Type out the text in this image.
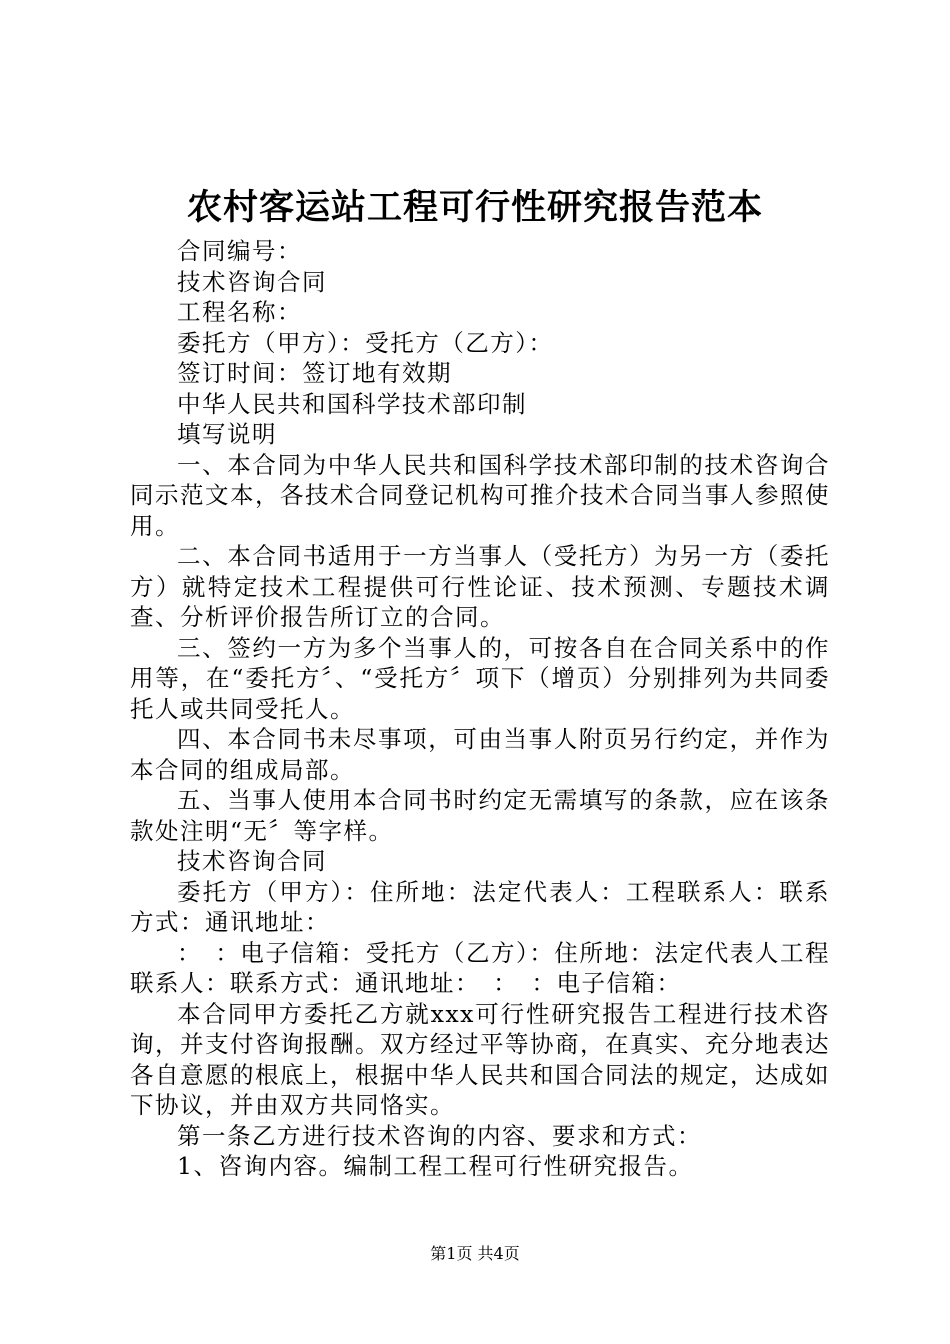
农村客运站工程可行性研究报告范本

合同编号：

技术咨询合同

工程名称：

委托方（甲方）：受托方（乙方）：

签订时间：签订地有效期

中华人民共和国科学技术部印制

填写说明

一、本合同为中华人民共和国科学技术部印制的技术咨询合同示范文本，各技术合同登记机构可推介技术合同当事人参照使用。

二、本合同书适用于一方当事人（受托方）为另一方（委托方）就特定技术工程提供可行性论证、技术预测、专题技术调查、分析评价报告所订立的合同。

三、签约一方为多个当事人的，可按各自在合同关系中的作用等，在“委托方〞、“受托方〞项下（增页）分别排列为共同委托人或共同受托人。

四、本合同书未尽事项，可由当事人附页另行约定，并作为本合同的组成局部。

五、当事人使用本合同书时约定无需填写的条款，应在该条款处注明“无〞等字样。

技术咨询合同

委托方（甲方）：住所地：法定代表人：工程联系人：联系方式：通讯地址：

：　：电子信箱：受托方（乙方）：住所地：法定代表人工程联系人：联系方式：通讯地址：　：　：电子信箱：

本合同甲方委托乙方就xxx可行性研究报告工程进行技术咨询，并支付咨询报酬。双方经过平等协商，在真实、充分地表达各自意愿的根底上，根据中华人民共和国合同法的规定，达成如下协议，并由双方共同恪实。

第一条乙方进行技术咨询的内容、要求和方式：

1、咨询内容。编制工程工程可行性研究报告。

第1页 共4页
